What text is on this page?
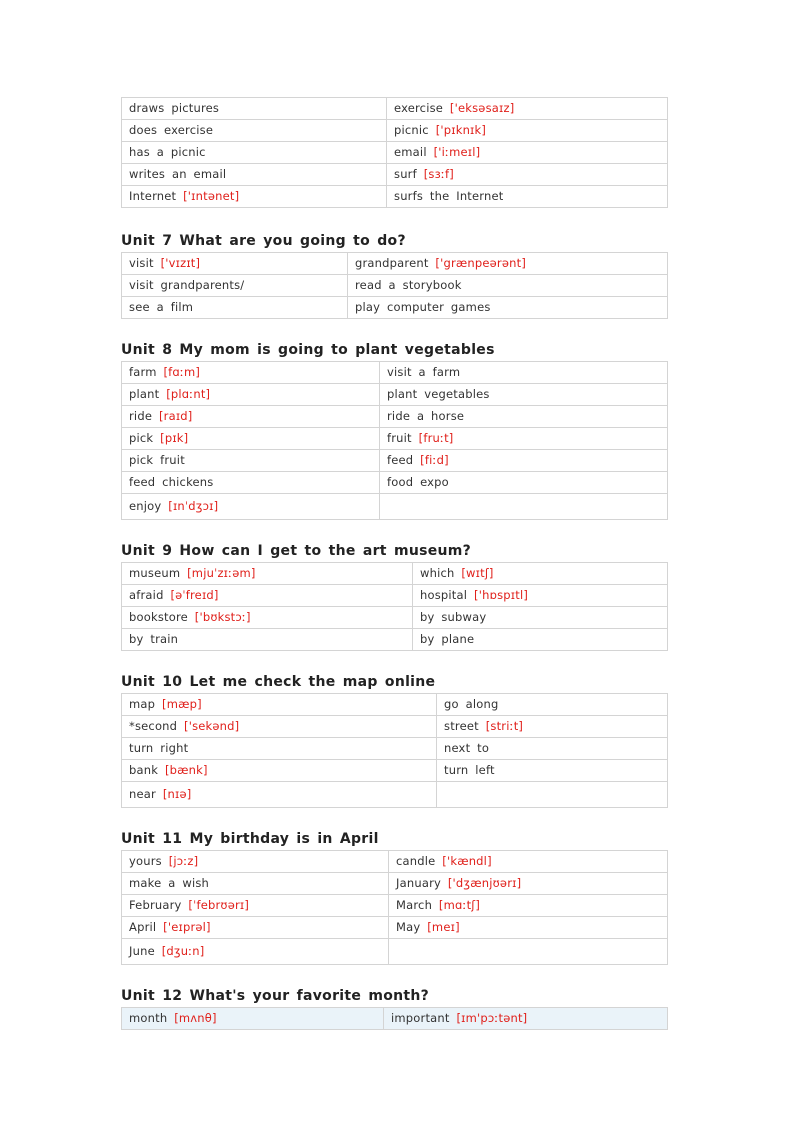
draws pictures	exercise ['eksəsaɪz]
does exercise	picnic ['pɪknɪk]
has a picnic	email ['iːmeɪl]
writes an email	surf [sɜːf]
Internet ['ɪntənet]	surfs the Internet
Unit 7 What are you going to do?
visit ['vɪzɪt]	grandparent ['grænpeərənt]
visit grandparents/	read a storybook
see a film	play computer games
Unit 8 My mom is going to plant vegetables
farm [fɑːm]	visit a farm
plant [plɑːnt]	plant vegetables
ride [raɪd]	ride a horse
pick [pɪk]	fruit [fruːt]
pick fruit	feed [fiːd]
feed chickens	food expo
enjoy [ɪnˈdʒɔɪ]	
Unit 9 How can I get to the art museum?
museum [mjuˈzɪːəm]	which [wɪtʃ]
afraid [əˈfreɪd]	hospital ['hɒspɪtl]
bookstore ['bʊkstɔː]	by subway
by train	by plane
Unit 10 Let me check the map online
map [mæp]	go along
*second ['sekənd]	street [striːt]
turn right	next to
bank [bænk]	turn left
near [nɪə]	
Unit 11 My birthday is in April
yours [jɔːz]	candle ['kændl]
make a wish	January ['dʒænjʊərɪ]
February [ˈfebrʊərɪ]	March [mɑːtʃ]
April ['eɪprəl]	May [meɪ]
June [dʒuːn]	
Unit 12 What's your favorite month?
month [mʌnθ]	important [ɪm'pɔːtənt]
